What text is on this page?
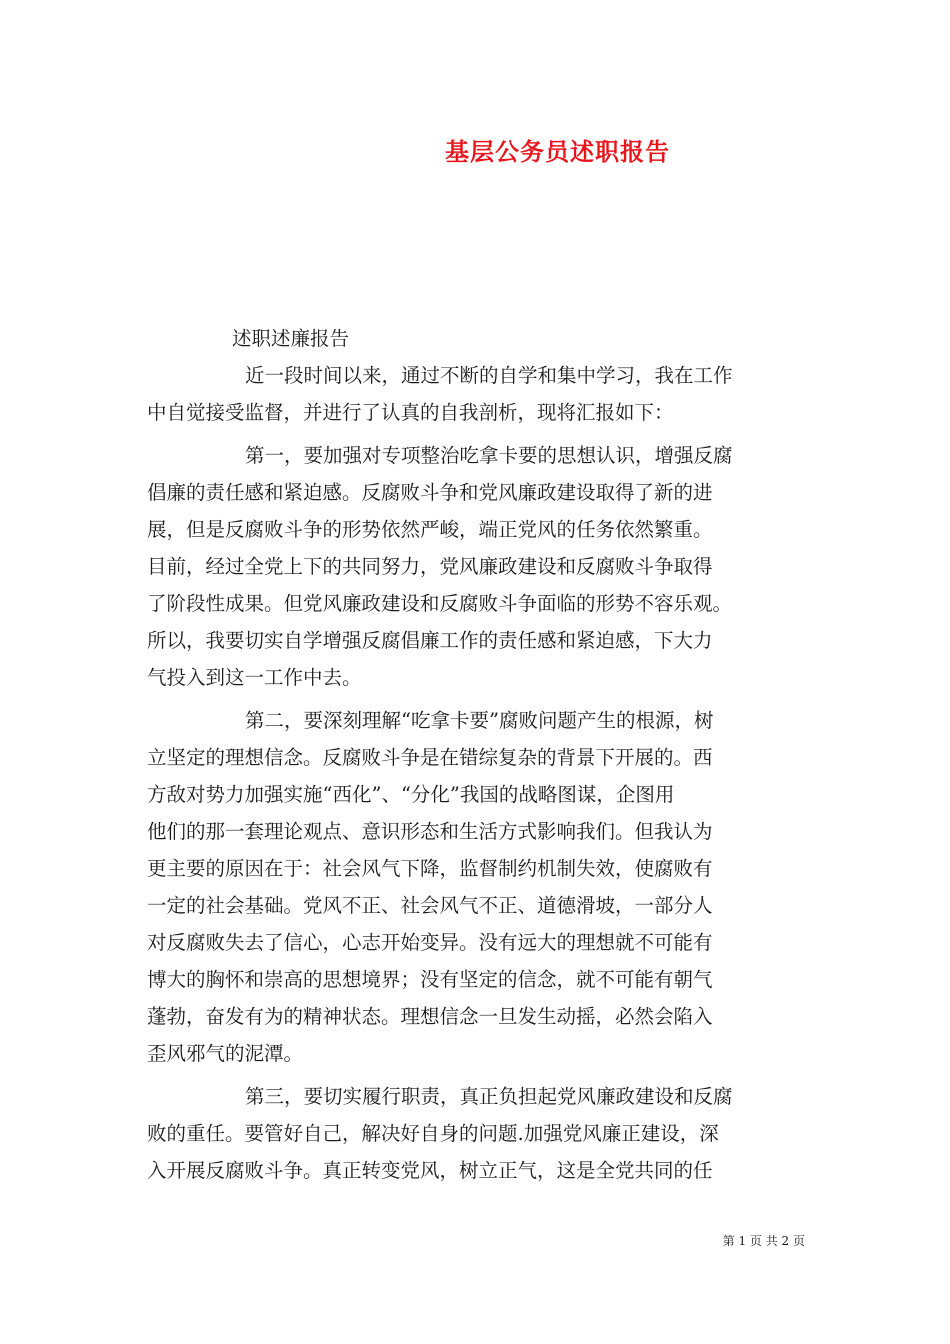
基层公务员述职报告
述职述廉报告
近一段时间以来，通过不断的自学和集中学习，我在工作
中自觉接受监督，并进行了认真的自我剖析，现将汇报如下：
第一，要加强对专项整治吃拿卡要的思想认识，增强反腐
倡廉的责任感和紧迫感。反腐败斗争和党风廉政建设取得了新的进
展，但是反腐败斗争的形势依然严峻，端正党风的任务依然繁重。
目前，经过全党上下的共同努力，党风廉政建设和反腐败斗争取得
了阶段性成果。但党风廉政建设和反腐败斗争面临的形势不容乐观。
所以，我要切实自学增强反腐倡廉工作的责任感和紧迫感，下大力
气投入到这一工作中去。
第二，要深刻理解“吃拿卡要”腐败问题产生的根源，树
立坚定的理想信念。反腐败斗争是在错综复杂的背景下开展的。西
方敌对势力加强实施“西化”、“分化”我国的战略图谋，企图用
他们的那一套理论观点、意识形态和生活方式影响我们。但我认为
更主要的原因在于：社会风气下降，监督制约机制失效，使腐败有
一定的社会基础。党风不正、社会风气不正、道德滑坡，一部分人
对反腐败失去了信心，心志开始变异。没有远大的理想就不可能有
博大的胸怀和崇高的思想境界；没有坚定的信念，就不可能有朝气
蓬勃，奋发有为的精神状态。理想信念一旦发生动摇，必然会陷入
歪风邪气的泥潭。
第三，要切实履行职责，真正负担起党风廉政建设和反腐
败的重任。要管好自己，解决好自身的问题.加强党风廉正建设，深
入开展反腐败斗争。真正转变党风，树立正气，这是全党共同的任
第 1 页 共 2 页
